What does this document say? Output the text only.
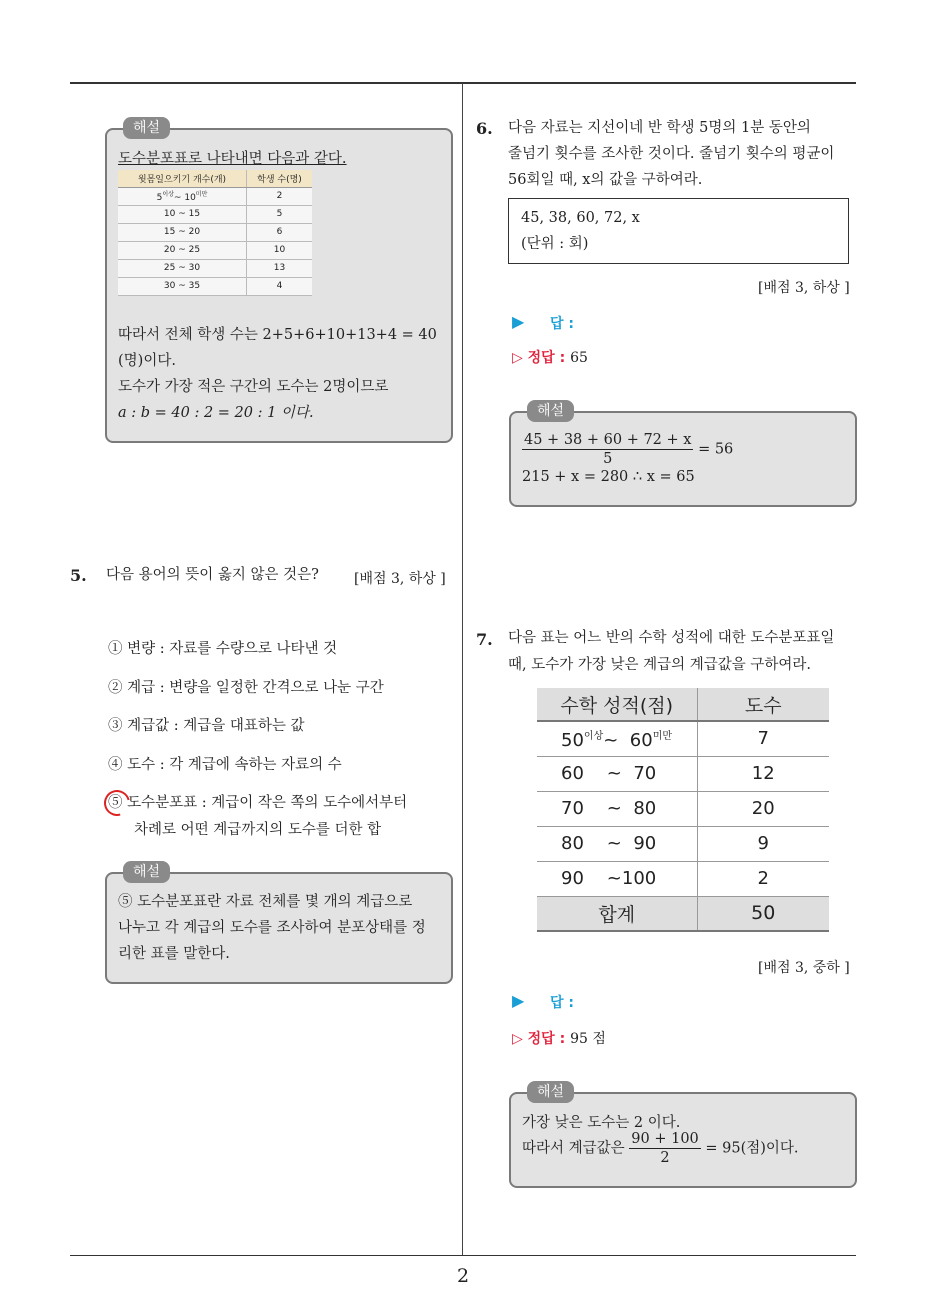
해설
도수분포표로 나타내면 다음과 같다.
윗몸일으키기 개수(개)	학생 수(명)
$5^{이상}\sim$ $10^{미만}$	2
10 ~ 15	5
15 ~ 20	6
20 ~ 25	10
25 ~ 30	13
30 ~ 35	4
따라서 전체 학생 수는 2+5+6+10+13+4 = 40
(명)이다.
도수가 가장 적은 구간의 도수는 2명이므로
a : b = 40 : 2 = 20 : 1 이다.
5. 다음 용어의 뜻이 옳지 않은 것은?	[배점 3, 하상 ]
① 변량 : 자료를 수량으로 나타낸 것
② 계급 : 변량을 일정한 간격으로 나눈 구간
③ 계급값 : 계급을 대표하는 값
④ 도수 : 각 계급에 속하는 자료의 수
⑤ 도수분포표 : 계급이 작은 쪽의 도수에서부터
차례로 어떤 계급까지의 도수를 더한 합
해설
⑤ 도수분포표란 자료 전체를 몇 개의 계급으로
나누고 각 계급의 도수를 조사하여 분포상태를 정
리한 표를 말한다.
6. 다음 자료는 지선이네 반 학생 5명의 1분 동안의
줄넘기 횟수를 조사한 것이다. 줄넘기 횟수의 평균이
56회일 때, x의 값을 구하여라.
45, 38, 60, 72, x
(단위 : 회)
[배점 3, 하상 ]
▶ 답 :
▷ 정답 : 65
해설
$\frac{45 + 38 + 60 + 72 + x}{5} = 56$
215 + x = 280 ∴ x = 65
7. 다음 표는 어느 반의 수학 성적에 대한 도수분포표일
때, 도수가 가장 낮은 계급의 계급값을 구하여라.
수학 성적(점)	도수
$50^{이상}\sim$ $60^{미만}$	7
60    ~  70	12
70    ~  80	20
80    ~  90	9
90    ~100	2
합계	50
[배점 3, 중하 ]
▶ 답 :
▷ 정답 : 95 점
해설
가장 낮은 도수는 2 이다.
따라서 계급값은 $\frac{90 + 100}{2} = 95$(점)이다.
2
